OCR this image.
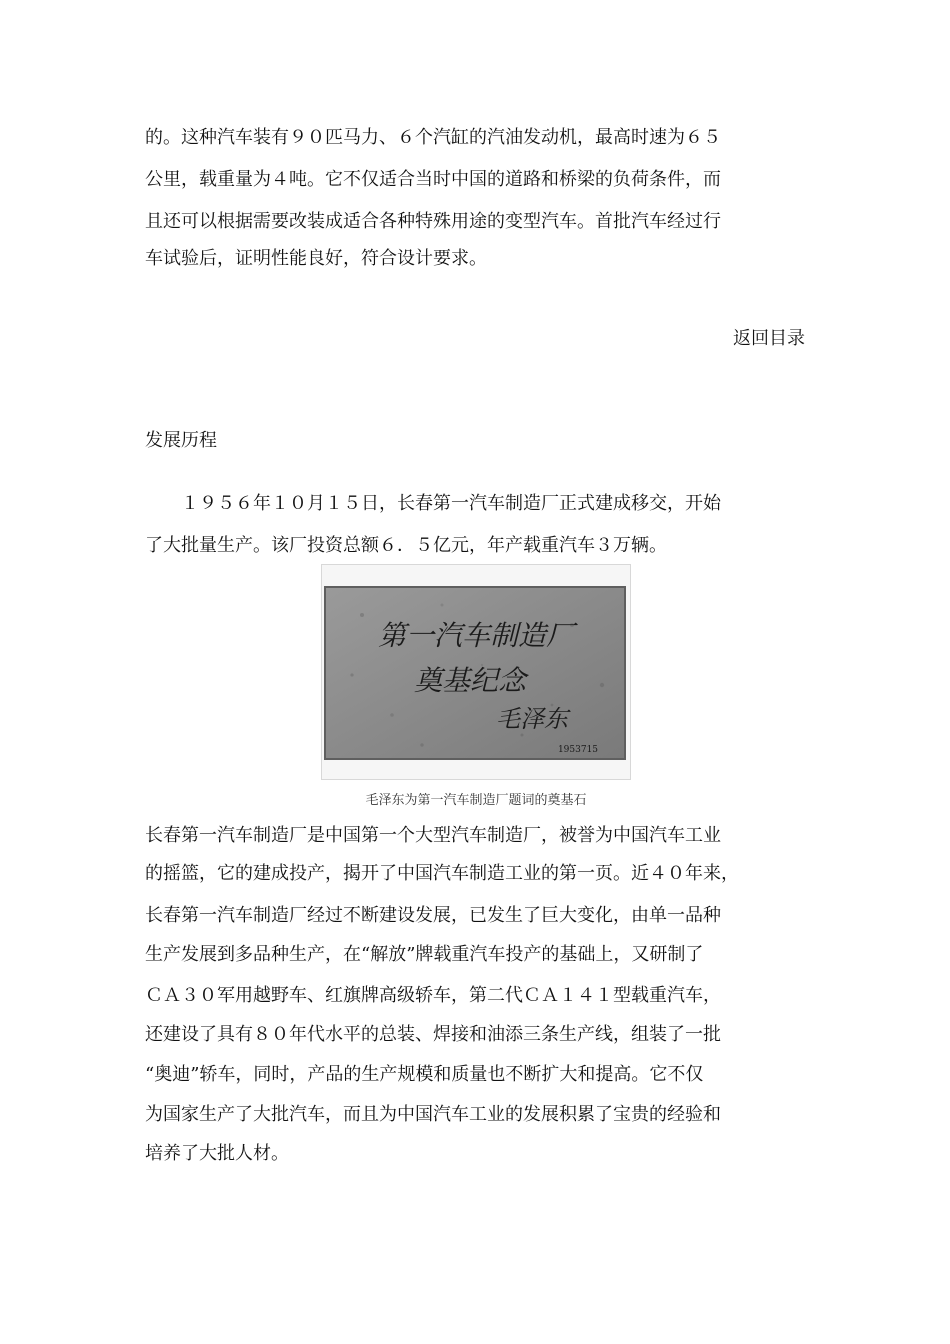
的。这种汽车装有９０匹马力、６个汽缸的汽油发动机，最高时速为６５
公里，载重量为４吨。它不仅适合当时中国的道路和桥梁的负荷条件，而
且还可以根据需要改装成适合各种特殊用途的变型汽车。首批汽车经过行
车试验后，证明性能良好，符合设计要求。
返回目录
发展历程
　　１９５６年１０月１５日，长春第一汽车制造厂正式建成移交，开始
了大批量生产。该厂投资总额６．５亿元，年产载重汽车３万辆。
第一汽车制造厂
奠基纪念
毛泽东
1953715
毛泽东为第一汽车制造厂题词的奠基石
长春第一汽车制造厂是中国第一个大型汽车制造厂，被誉为中国汽车工业
的摇篮，它的建成投产，揭开了中国汽车制造工业的第一页。近４０年来，
长春第一汽车制造厂经过不断建设发展，已发生了巨大变化，由单一品种
生产发展到多品种生产，在“解放”牌载重汽车投产的基础上，又研制了
ＣＡ３０军用越野车、红旗牌高级轿车，第二代ＣＡ１４１型载重汽车，
还建设了具有８０年代水平的总装、焊接和油添三条生产线，组装了一批
“奥迪”轿车，同时，产品的生产规模和质量也不断扩大和提高。它不仅
为国家生产了大批汽车，而且为中国汽车工业的发展积累了宝贵的经验和
培养了大批人材。
